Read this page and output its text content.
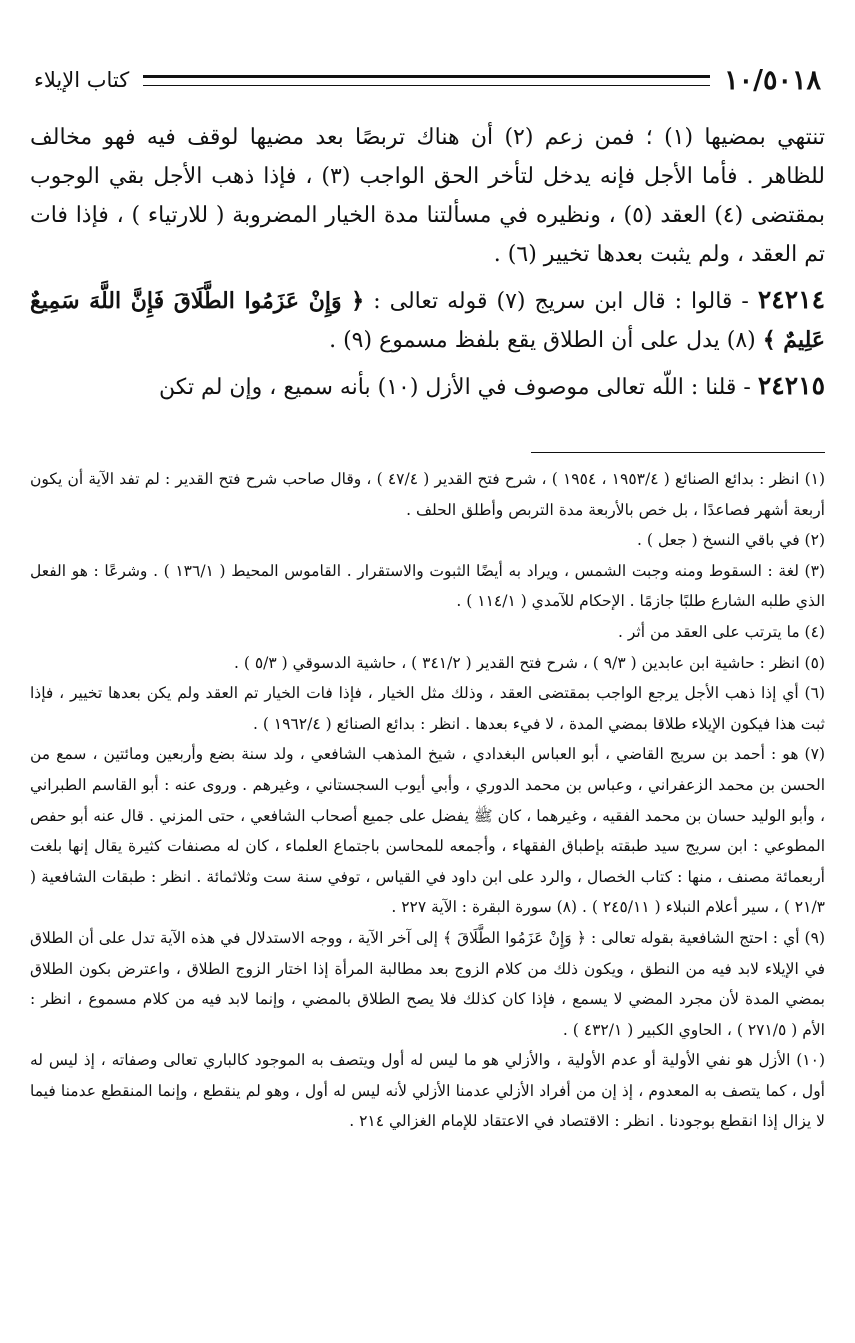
١٠/٥٠١٨
كتاب الإيلاء

تنتهي بمضيها (١) ؛ فمن زعم (٢) أن هناك تربصًا بعد مضيها لوقف فيه فهو مخالف للظاهر . فأما الأجل فإنه يدخل لتأخر الحق الواجب (٣) ، فإذا ذهب الأجل بقي الوجوب بمقتضى (٤) العقد (٥) ، ونظيره في مسألتنا مدة الخيار المضروبة ( للارتياء ) ، فإذا فات تم العقد ، ولم يثبت بعدها تخيير (٦) .

٢٤٢١٤ - قالوا : قال ابن سريج (٧) قوله تعالى : ﴿ وَإِنْ عَزَمُوا الطَّلَاقَ فَإِنَّ اللَّهَ سَمِيعٌ عَلِيمٌ ﴾ (٨) يدل على أن الطلاق يقع بلفظ مسموع (٩) .

٢٤٢١٥ - قلنا : اللّه تعالى موصوف في الأزل (١٠) بأنه سميع ، وإن لم تكن

(١) انظر : بدائع الصنائع ( ١٩٥٣/٤ ، ١٩٥٤ ) ، شرح فتح القدير ( ٤٧/٤ ) ، وقال صاحب شرح فتح القدير : لم تفد الآية أن يكون أربعة أشهر فصاعدًا ، بل خص بالأربعة مدة التربص وأطلق الحلف .

(٢) في باقي النسخ ( جعل ) .

(٣) لغة : السقوط ومنه وجبت الشمس ، ويراد به أيضًا الثبوت والاستقرار . القاموس المحيط ( ١٣٦/١ ) . وشرعًا : هو الفعل الذي طلبه الشارع طلبًا جازمًا . الإحكام للآمدي ( ١١٤/١ ) .

(٤) ما يترتب على العقد من أثر .

(٥) انظر : حاشية ابن عابدين ( ٩/٣ ) ، شرح فتح القدير ( ٣٤١/٢ ) ، حاشية الدسوقي ( ٥/٣ ) .

(٦) أي إذا ذهب الأجل يرجع الواجب بمقتضى العقد ، وذلك مثل الخيار ، فإذا فات الخيار تم العقد ولم يكن بعدها تخيير ، فإذا ثبت هذا فيكون الإيلاء طلاقا بمضي المدة ، لا فيء بعدها . انظر : بدائع الصنائع ( ١٩٦٢/٤ ) .

(٧) هو : أحمد بن سريج القاضي ، أبو العباس البغدادي ، شيخ المذهب الشافعي ، ولد سنة بضع وأربعين ومائتين ، سمع من الحسن بن محمد الزعفراني ، وعباس بن محمد الدوري ، وأبي أيوب السجستاني ، وغيرهم . وروى عنه : أبو القاسم الطبراني ، وأبو الوليد حسان بن محمد الفقيه ، وغيرهما ، كان ﷺ يفضل على جميع أصحاب الشافعي ، حتى المزني . قال عنه أبو حفص المطوعي : ابن سريج سيد طبقته بإطباق الفقهاء ، وأجمعه للمحاسن باجتماع العلماء ، كان له مصنفات كثيرة يقال إنها بلغت أربعمائة مصنف ، منها : كتاب الخصال ، والرد على ابن داود في القياس ، توفي سنة ست وثلاثمائة . انظر : طبقات الشافعية ( ٢١/٣ ) ، سير أعلام النبلاء ( ٢٤٥/١١ ) . (٨) سورة البقرة : الآية ٢٢٧ .

(٩) أي : احتج الشافعية بقوله تعالى : ﴿ وَإِنْ عَزَمُوا الطَّلَاقَ ﴾ إلى آخر الآية ، ووجه الاستدلال في هذه الآية تدل على أن الطلاق في الإيلاء لابد فيه من النطق ، ويكون ذلك من كلام الزوج بعد مطالبة المرأة إذا اختار الزوج الطلاق ، واعترض بكون الطلاق بمضي المدة لأن مجرد المضي لا يسمع ، فإذا كان كذلك فلا يصح الطلاق بالمضي ، وإنما لابد فيه من كلام مسموع ، انظر : الأم ( ٢٧١/٥ ) ، الحاوي الكبير ( ٤٣٢/١ ) .

(١٠) الأزل هو نفي الأولية أو عدم الأولية ، والأزلي هو ما ليس له أول ويتصف به الموجود كالباري تعالى وصفاته ، إذ ليس له أول ، كما يتصف به المعدوم ، إذ إن من أفراد الأزلي عدمنا الأزلي لأنه ليس له أول ، وهو لم ينقطع ، وإنما المنقطع عدمنا فيما لا يزال إذا انقطع بوجودنا . انظر : الاقتصاد في الاعتقاد للإمام الغزالي ٢١٤ .
